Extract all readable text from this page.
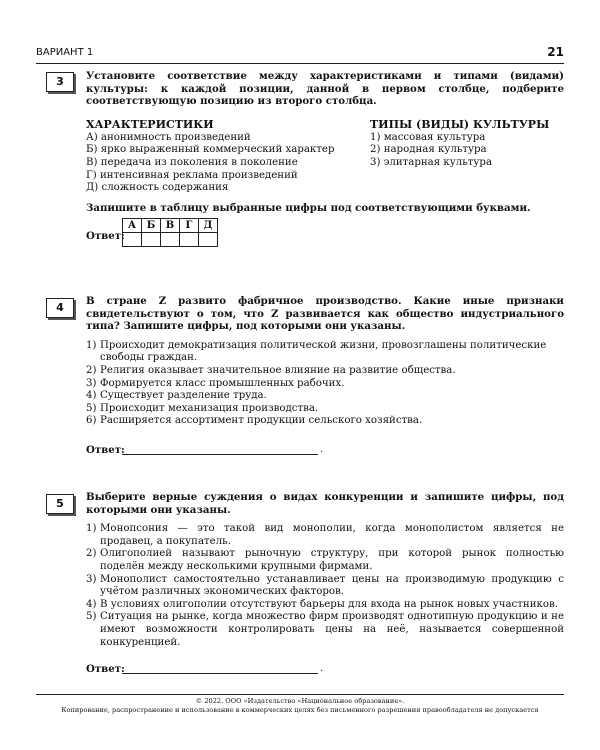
ВАРИАНТ 1	21
3	Установите соответствие между характеристиками и типами (видами) культуры: к каждой позиции, данной в первом столбце, подберите соответствующую позицию из второго столбца.

ХАРАКТЕРИСТИКИ
А) анонимность произведений
Б) ярко выраженный коммерческий характер
В) передача из поколения в поколение
Г) интенсивная реклама произведений
Д) сложность содержания
ТИПЫ (ВИДЫ) КУЛЬТУРЫ
1) массовая культура
2) народная культура
3) элитарная культура

Запишите в таблицу выбранные цифры под соответствующими буквами.

Ответ:
А	Б	В	Г	Д

4	В стране Z развито фабричное производство. Какие иные признаки свидетельствуют о том, что Z развивается как общество индустриального типа? Запишите цифры, под которыми они указаны.

1) Происходит демократизация политической жизни, провозглашены политические свободы граждан.
2) Религия оказывает значительное влияние на развитие общества.
3) Формируется класс промышленных рабочих.
4) Существует разделение труда.
5) Происходит механизация производства.
6) Расширяется ассортимент продукции сельского хозяйства.
Ответ:	.
5	Выберите верные суждения о видах конкуренции и запишите цифры, под которыми они указаны.

1) Монопсония — это такой вид монополии, когда монополистом является не продавец, а покупатель.
2) Олигополией называют рыночную структуру, при которой рынок полностью поделён между несколькими крупными фирмами.
3) Монополист самостоятельно устанавливает цены на производимую продукцию с учётом различных экономических факторов.
4) В условиях олигополии отсутствуют барьеры для входа на рынок новых участников.
5) Ситуация на рынке, когда множество фирм производят однотипную продукцию и не имеют возможности контролировать цены на неё, называется совершенной конкуренцией.
Ответ:	.
© 2022. ООО «Издательство «Национальное образование».
Копирование, распространение и использование в коммерческих целях без письменного разрешения правообладателя не допускается
